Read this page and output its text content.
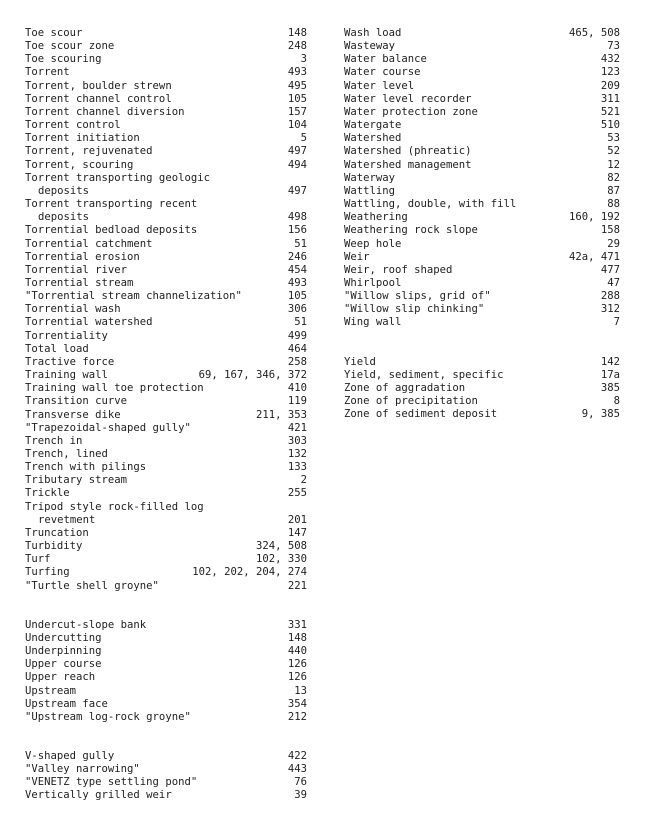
Toe scour	148
Toe scour zone	248
Toe scouring	3
Torrent	493
Torrent, boulder strewn	495
Torrent channel control	105
Torrent channel diversion	157
Torrent control	104
Torrent initiation	5
Torrent, rejuvenated	497
Torrent, scouring	494
Torrent transporting geologic
deposits	497
Torrent transporting recent
deposits	498
Torrential bedload deposits	156
Torrential catchment	51
Torrential erosion	246
Torrential river	454
Torrential stream	493
"Torrential stream channelization"	105
Torrential wash	306
Torrential watershed	51
Torrentiality	499
Total load	464
Tractive force	258
Training wall	69, 167, 346, 372
Training wall toe protection	410
Transition curve	119
Transverse dike	211, 353
"Trapezoidal-shaped gully"	421
Trench in	303
Trench, lined	132
Trench with pilings	133
Tributary stream	2
Trickle	255
Tripod style rock-filled log
revetment	201
Truncation	147
Turbidity	324, 508
Turf	102, 330
Turfing	102, 202, 204, 274
"Turtle shell groyne"	221
Undercut-slope bank	331
Undercutting	148
Underpinning	440
Upper course	126
Upper reach	126
Upstream	13
Upstream face	354
"Upstream log-rock groyne"	212
V-shaped gully	422
"Valley narrowing"	443
"VENETZ type settling pond"	76
Vertically grilled weir	39
Wash load	465, 508
Wasteway	73
Water balance	432
Water course	123
Water level	209
Water level recorder	311
Water protection zone	521
Watergate	510
Watershed	53
Watershed (phreatic)	52
Watershed management	12
Waterway	82
Wattling	87
Wattling, double, with fill	88
Weathering	160, 192
Weathering rock slope	158
Weep hole	29
Weir	42a, 471
Weir, roof shaped	477
Whirlpool	47
"Willow slips, grid of"	288
"Willow slip chinking"	312
Wing wall	7
Yield	142
Yield, sediment, specific	17a
Zone of aggradation	385
Zone of precipitation	8
Zone of sediment deposit	9, 385
